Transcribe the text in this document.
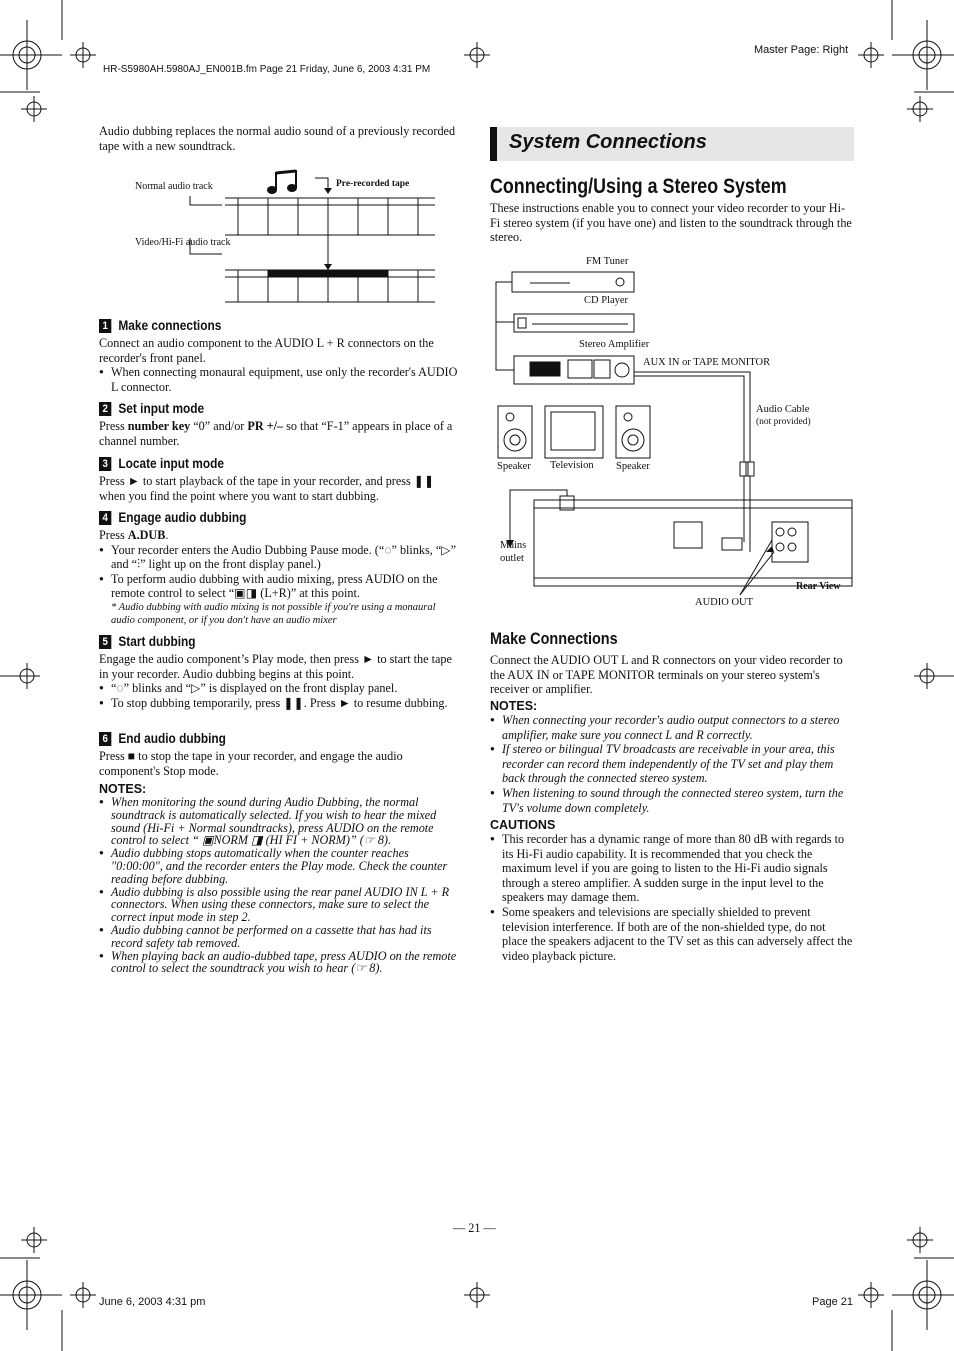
HR-S5980AH.5980AJ_EN001B.fm Page 21 Friday, June 6, 2003 4:31 PM
Master Page: Right
Audio dubbing replaces the normal audio sound of a previously recorded tape with a new soundtrack.
Normal audio track	Pre-recorded tape
Video/Hi-Fi audio track
1 Make connections
Connect an audio component to the AUDIO L + R connectors on the recorder's front panel.
● When connecting monaural equipment, use only the recorder's AUDIO L connector.
2 Set input mode
Press number key “0” and/or PR +/– so that “F-1” appears in place of a channel number.
3 Locate input mode
Press ► to start playback of the tape in your recorder, and press ❚❚ when you find the point where you want to start dubbing.
4 Engage audio dubbing
Press A.DUB.
● Your recorder enters the Audio Dubbing Pause mode. (“◌” blinks, “▷” and “⫶” light up on the front display panel.)
● To perform audio dubbing with audio mixing, press AUDIO on the remote control to select “▣◨ (L+R)” at this point.
* Audio dubbing with audio mixing is not possible if you're using a monaural audio component, or if you don't have an audio mixer
5 Start dubbing
Engage the audio component’s Play mode, then press ► to start the tape in your recorder. Audio dubbing begins at this point.
● “◌” blinks and “▷” is displayed on the front display panel.
● To stop dubbing temporarily, press ❚❚. Press ► to resume dubbing.
6 End audio dubbing
Press ■ to stop the tape in your recorder, and engage the audio component's Stop mode.
NOTES:
● When monitoring the sound during Audio Dubbing, the normal soundtrack is automatically selected. If you wish to hear the mixed sound (Hi-Fi + Normal soundtracks), press AUDIO on the remote control to select “ ▣NORM ◨ (HI FI + NORM)” (☞ 8).
● Audio dubbing stops automatically when the counter reaches "0:00:00", and the recorder enters the Play mode. Check the counter reading before dubbing.
● Audio dubbing is also possible using the rear panel AUDIO IN L + R connectors. When using these connectors, make sure to select the correct input mode in step 2.
● Audio dubbing cannot be performed on a cassette that has had its record safety tab removed.
● When playing back an audio-dubbed tape, press AUDIO on the remote control to select the soundtrack you wish to hear (☞ 8).
System Connections
Connecting/Using a Stereo System
These instructions enable you to connect your video recorder to your Hi-Fi stereo system (if you have one) and listen to the soundtrack through the stereo.
FM Tuner
CD Player
Stereo Amplifier
AUX IN or TAPE MONITOR
Audio Cable
(not provided)
Speaker Television Speaker
Mains
outlet
Rear View
AUDIO OUT
Make Connections
Connect the AUDIO OUT L and R connectors on your video recorder to the AUX IN or TAPE MONITOR terminals on your stereo system's receiver or amplifier.
NOTES:
● When connecting your recorder's audio output connectors to a stereo amplifier, make sure you connect L and R correctly.
● If stereo or bilingual TV broadcasts are receivable in your area, this recorder can record them independently of the TV set and play them back through the connected stereo system.
● When listening to sound through the connected stereo system, turn the TV's volume down completely.
CAUTIONS
● This recorder has a dynamic range of more than 80 dB with regards to its Hi-Fi audio capability. It is recommended that you check the maximum level if you are going to listen to the Hi-Fi audio signals through a stereo amplifier. A sudden surge in the input level to the speakers may damage them.
● Some speakers and televisions are specially shielded to prevent television interference. If both are of the non-shielded type, do not place the speakers adjacent to the TV set as this can adversely affect the video playback picture.
— 21 —
June 6, 2003 4:31 pm	Page 21
